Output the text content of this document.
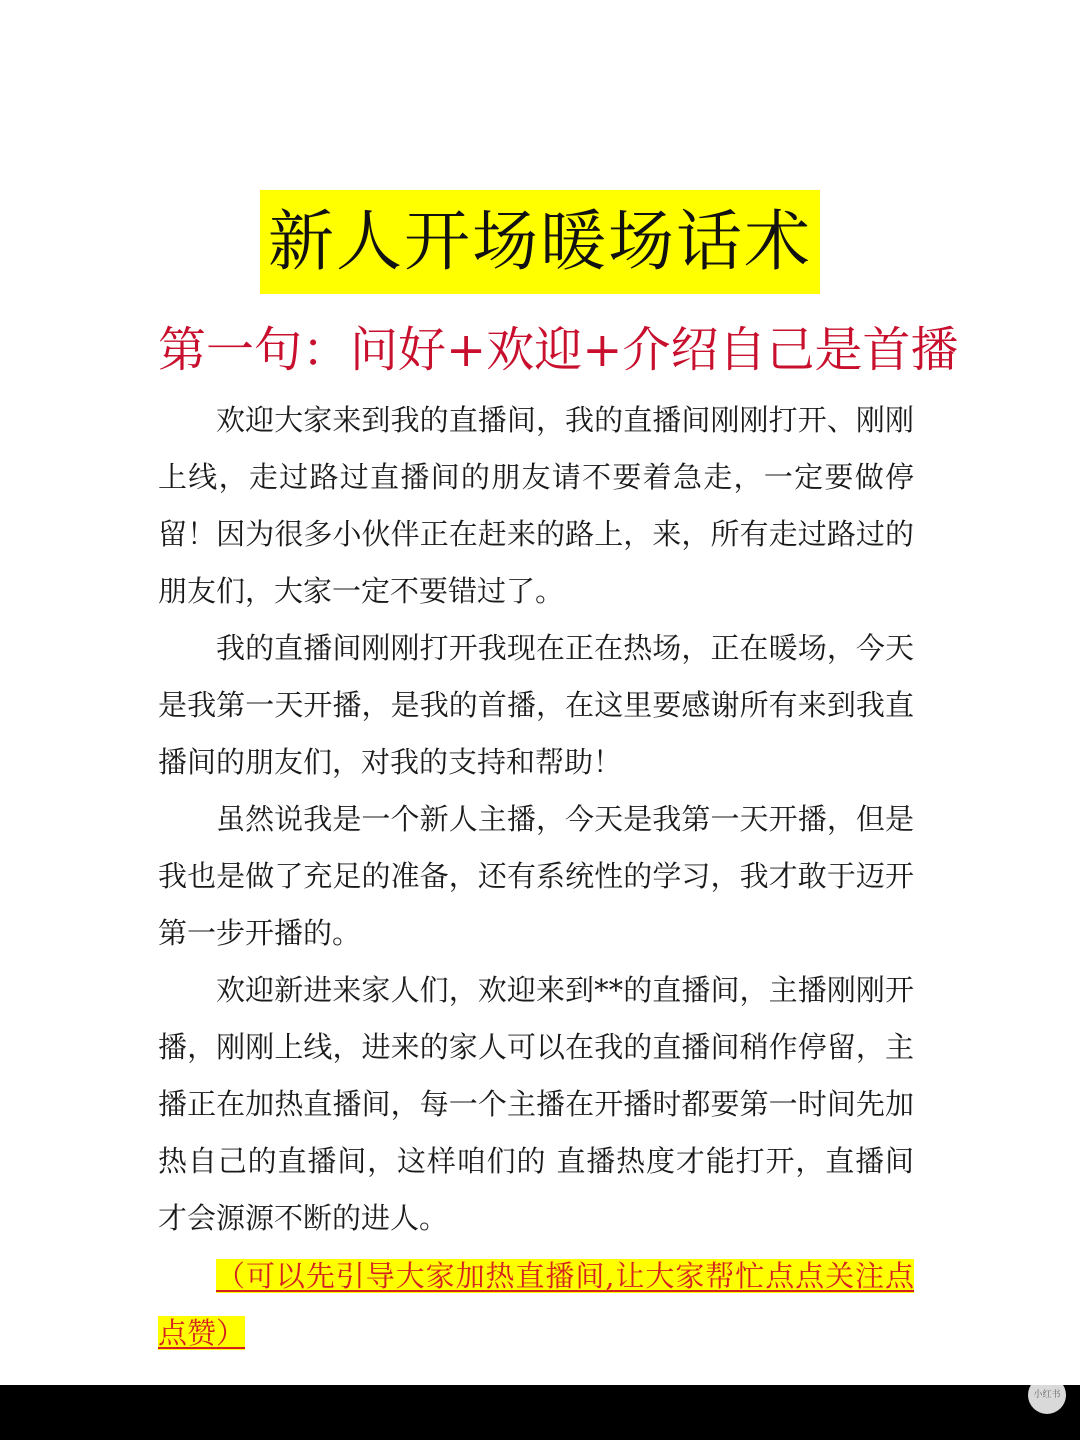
新人开场暖场话术
第一句：问好+欢迎+介绍自己是首播

欢迎大家来到我的直播间，我的直播间刚刚打开、刚刚上线，走过路过直播间的朋友请不要着急走，一定要做停留！因为很多小伙伴正在赶来的路上，来，所有走过路过的朋友们，大家一定不要错过了。

我的直播间刚刚打开我现在正在热场，正在暖场，今天是我第一天开播，是我的首播，在这里要感谢所有来到我直播间的朋友们，对我的支持和帮助！

虽然说我是一个新人主播，今天是我第一天开播，但是我也是做了充足的准备，还有系统性的学习，我才敢于迈开第一步开播的。

欢迎新进来家人们，欢迎来到**的直播间，主播刚刚开播，刚刚上线，进来的家人可以在我的直播间稍作停留，主播正在加热直播间，每一个主播在开播时都要第一时间先加热自己的直播间，这样咱们的 直播热度才能打开，直播间才会源源不断的进人。

（可以先引导大家加热直播间,让大家帮忙点点关注点点赞）

小红书
